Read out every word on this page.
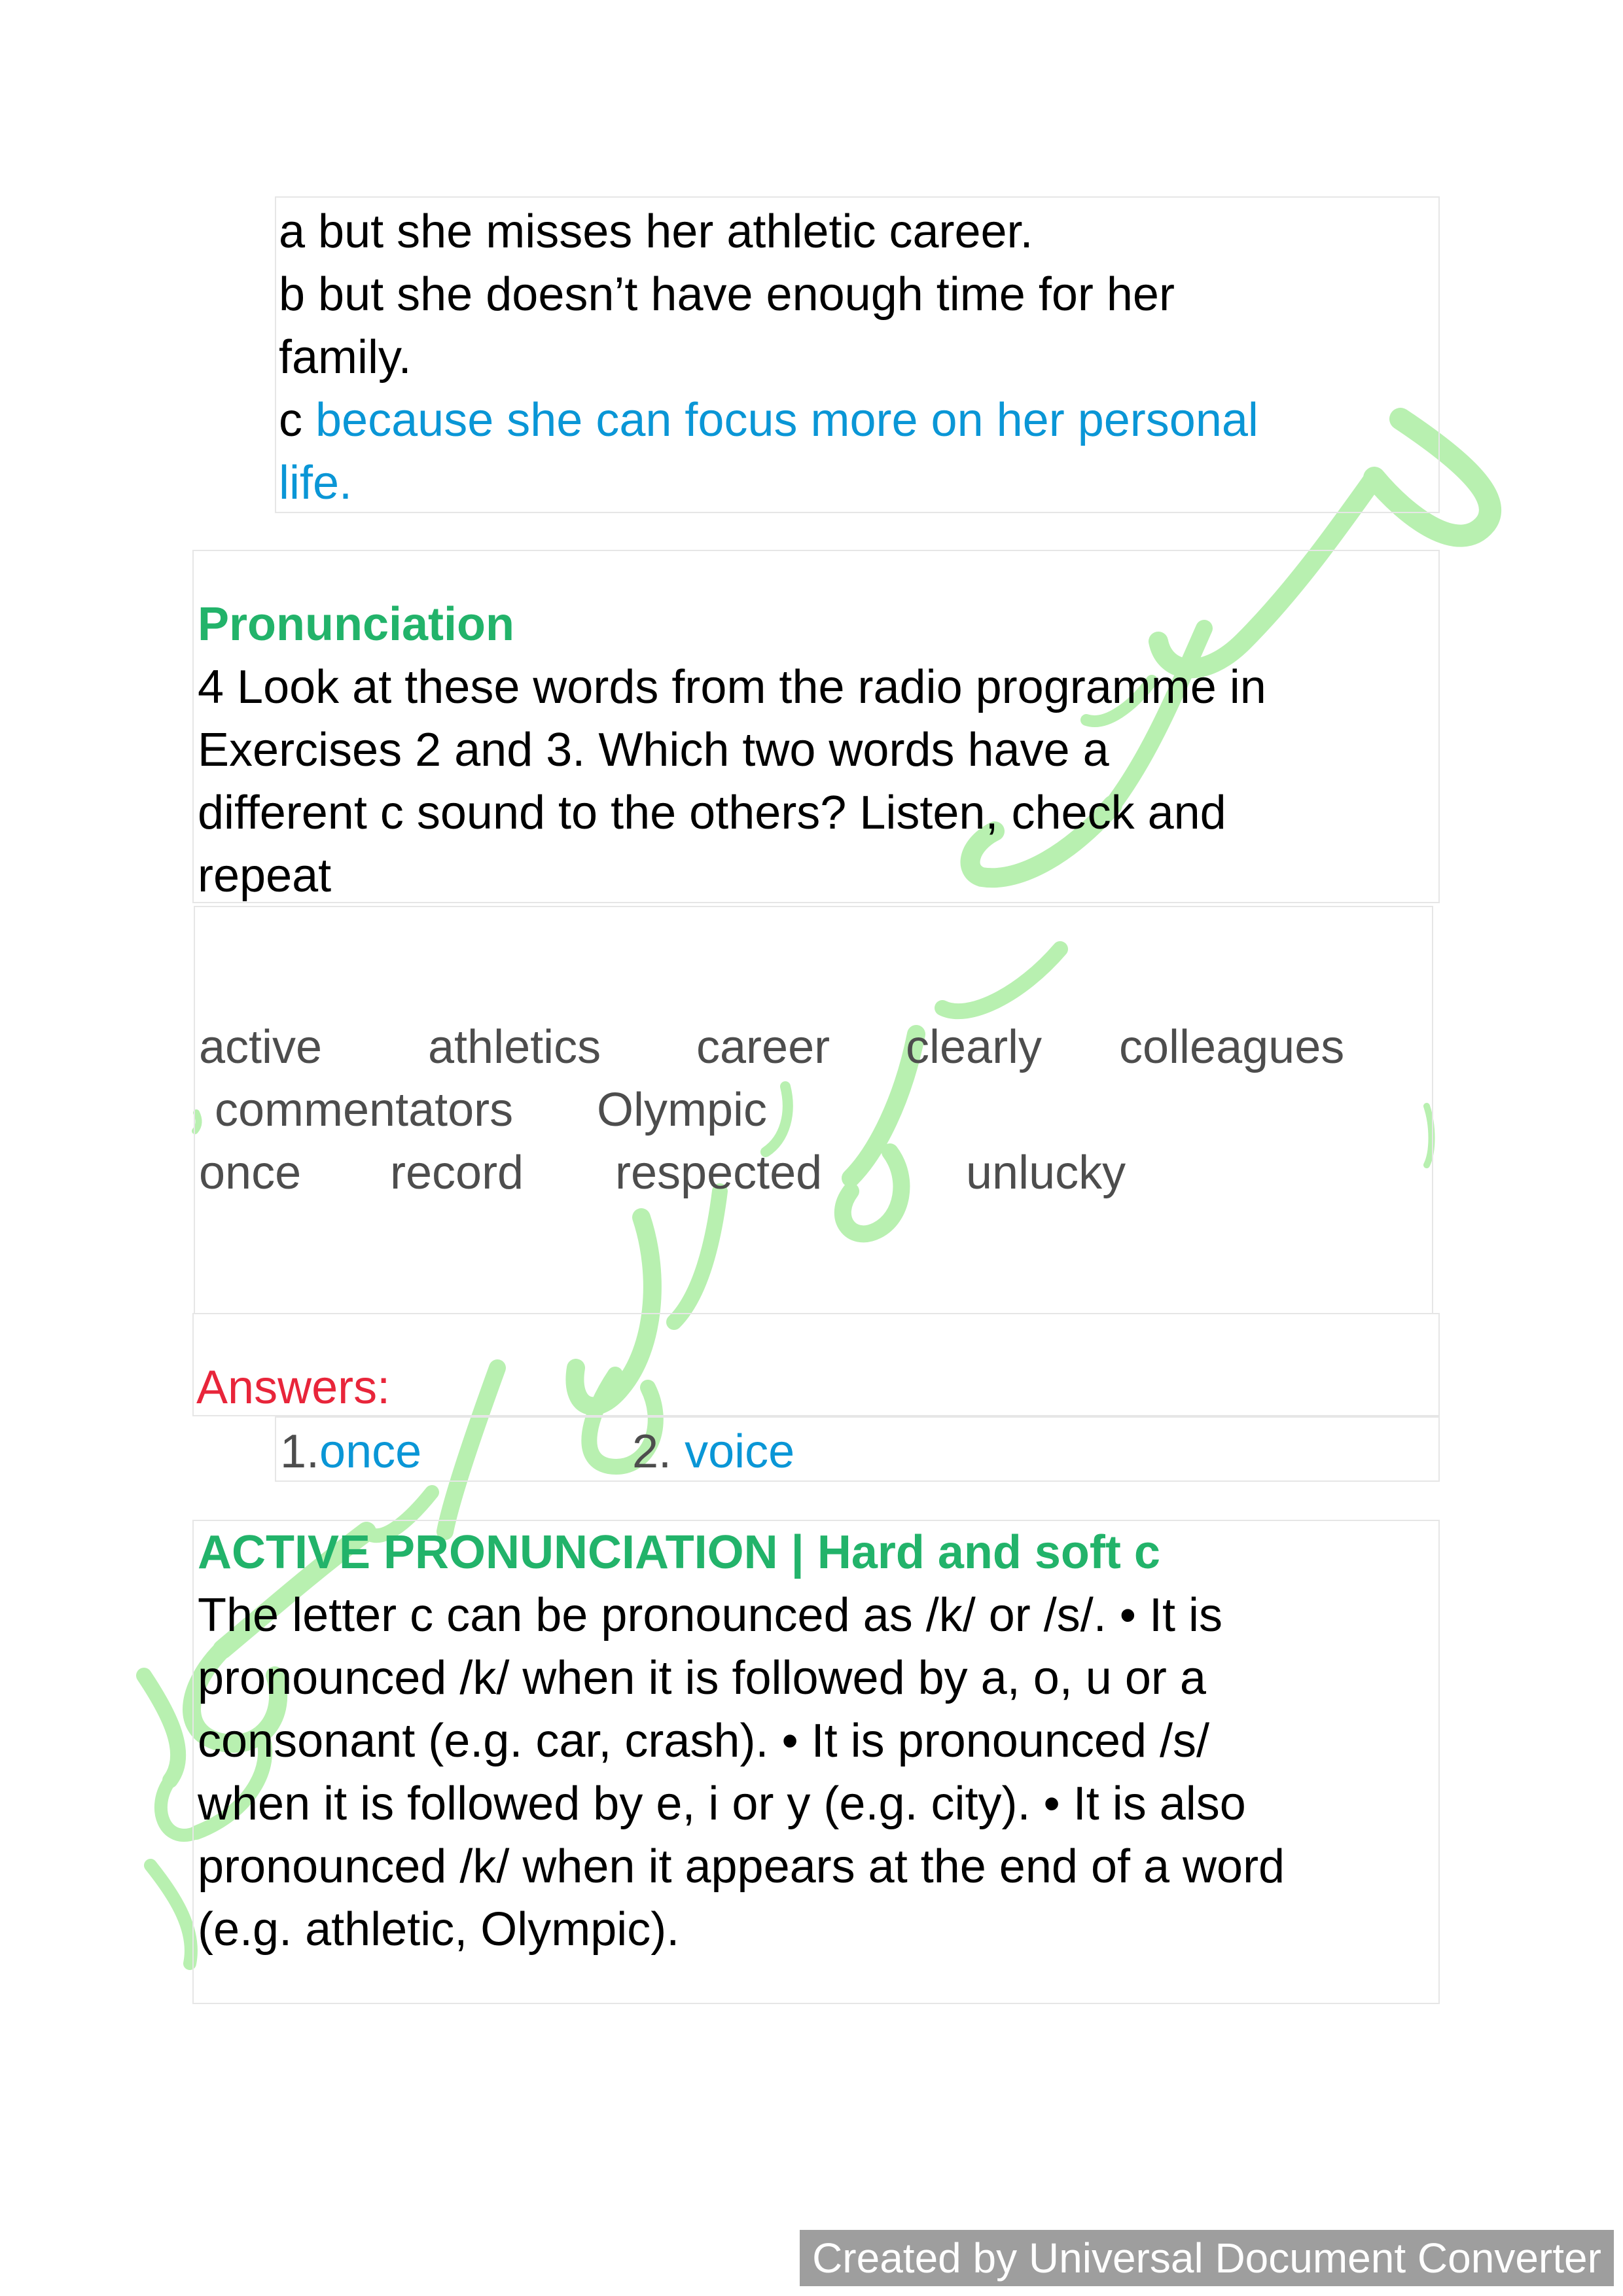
a but she misses her athletic career.
b but she doesn’t have enough time for her
family.
c because she can focus more on her personal
life.
Pronunciation
4 Look at these words from the radio programme in
Exercises 2 and 3. Which two words have a
different c sound to the others? Listen, check and
repeat
active athletics career clearly colleagues
commentators Olympic
once record respected	unlucky
Answers:
1.once	2. voice
ACTIVE PRONUNCIATION | Hard and soft c
The letter c can be pronounced as /k/ or /s/. • It is
pronounced /k/ when it is followed by a, o, u or a
consonant (e.g. car, crash). • It is pronounced /s/
when it is followed by e, i or y (e.g. city). • It is also
pronounced /k/ when it appears at the end of a word
(e.g. athletic, Olympic).
Created by Universal Document Converter
